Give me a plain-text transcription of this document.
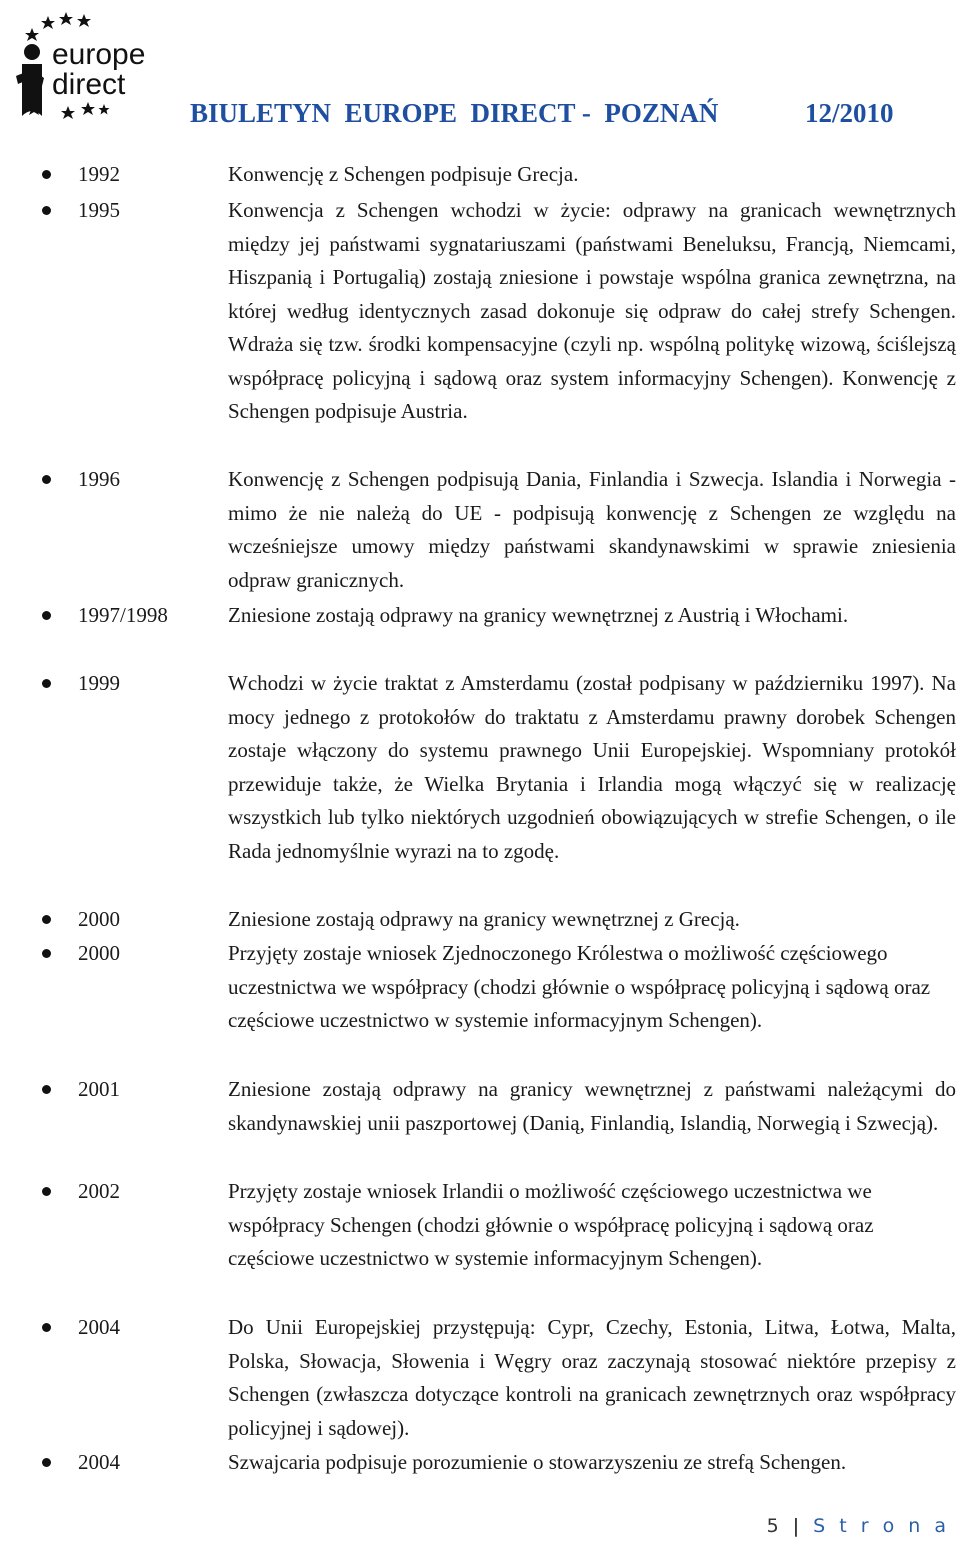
europe
direct
BIULETYN  EUROPE  DIRECT -  POZNAŃ	12/2010
1992	Konwencję z Schengen podpisuje Grecja.
1995	Konwencja z Schengen wchodzi w życie: odprawy na granicach wewnętrznych między jej państwami sygnatariuszami (państwami Beneluksu, Francją, Niemcami, Hiszpanią i Portugalią) zostają zniesione i powstaje wspólna granica zewnętrzna, na której według identycznych zasad dokonuje się odpraw do całej strefy Schengen. Wdraża się tzw. środki kompensacyjne (czyli np. wspólną politykę wizową, ściślejszą współpracę policyjną i sądową oraz system informacyjny Schengen). Konwencję z Schengen podpisuje Austria.
1996	Konwencję z Schengen podpisują Dania, Finlandia i Szwecja. Islandia i Norwegia - mimo że nie należą do UE - podpisują konwencję z Schengen ze względu na wcześniejsze umowy między państwami skandynawskimi w sprawie zniesienia odpraw granicznych.
1997/1998	Zniesione zostają odprawy na granicy wewnętrznej z Austrią i Włochami.
1999	Wchodzi w życie traktat z Amsterdamu (został podpisany w październiku 1997). Na mocy jednego z protokołów do traktatu z Amsterdamu prawny dorobek Schengen zostaje włączony do systemu prawnego Unii Europejskiej. Wspomniany protokół przewiduje także, że Wielka Brytania i Irlandia mogą włączyć się w realizację wszystkich lub tylko niektórych uzgodnień obowiązujących w strefie Schengen, o ile Rada jednomyślnie wyrazi na to zgodę.
2000	Zniesione zostają odprawy na granicy wewnętrznej z Grecją.
2000	Przyjęty zostaje wniosek Zjednoczonego Królestwa o możliwość częściowego uczestnictwa we współpracy (chodzi głównie o współpracę policyjną i sądową oraz częściowe uczestnictwo w systemie informacyjnym Schengen).
2001	Zniesione zostają odprawy na granicy wewnętrznej z państwami należącymi do skandynawskiej unii paszportowej (Danią, Finlandią, Islandią, Norwegią i Szwecją).
2002	Przyjęty zostaje wniosek Irlandii o możliwość częściowego uczestnictwa we współpracy Schengen (chodzi głównie o współpracę policyjną i sądową oraz częściowe uczestnictwo w systemie informacyjnym Schengen).
2004	Do Unii Europejskiej przystępują: Cypr, Czechy, Estonia, Litwa, Łotwa, Malta, Polska, Słowacja, Słowenia i Węgry oraz zaczynają stosować niektóre przepisy z Schengen (zwłaszcza dotyczące kontroli na granicach zewnętrznych oraz współpracy policyjnej i sądowej).
2004	Szwajcaria podpisuje porozumienie o stowarzyszeniu ze strefą Schengen.
5 | S t r o n a
